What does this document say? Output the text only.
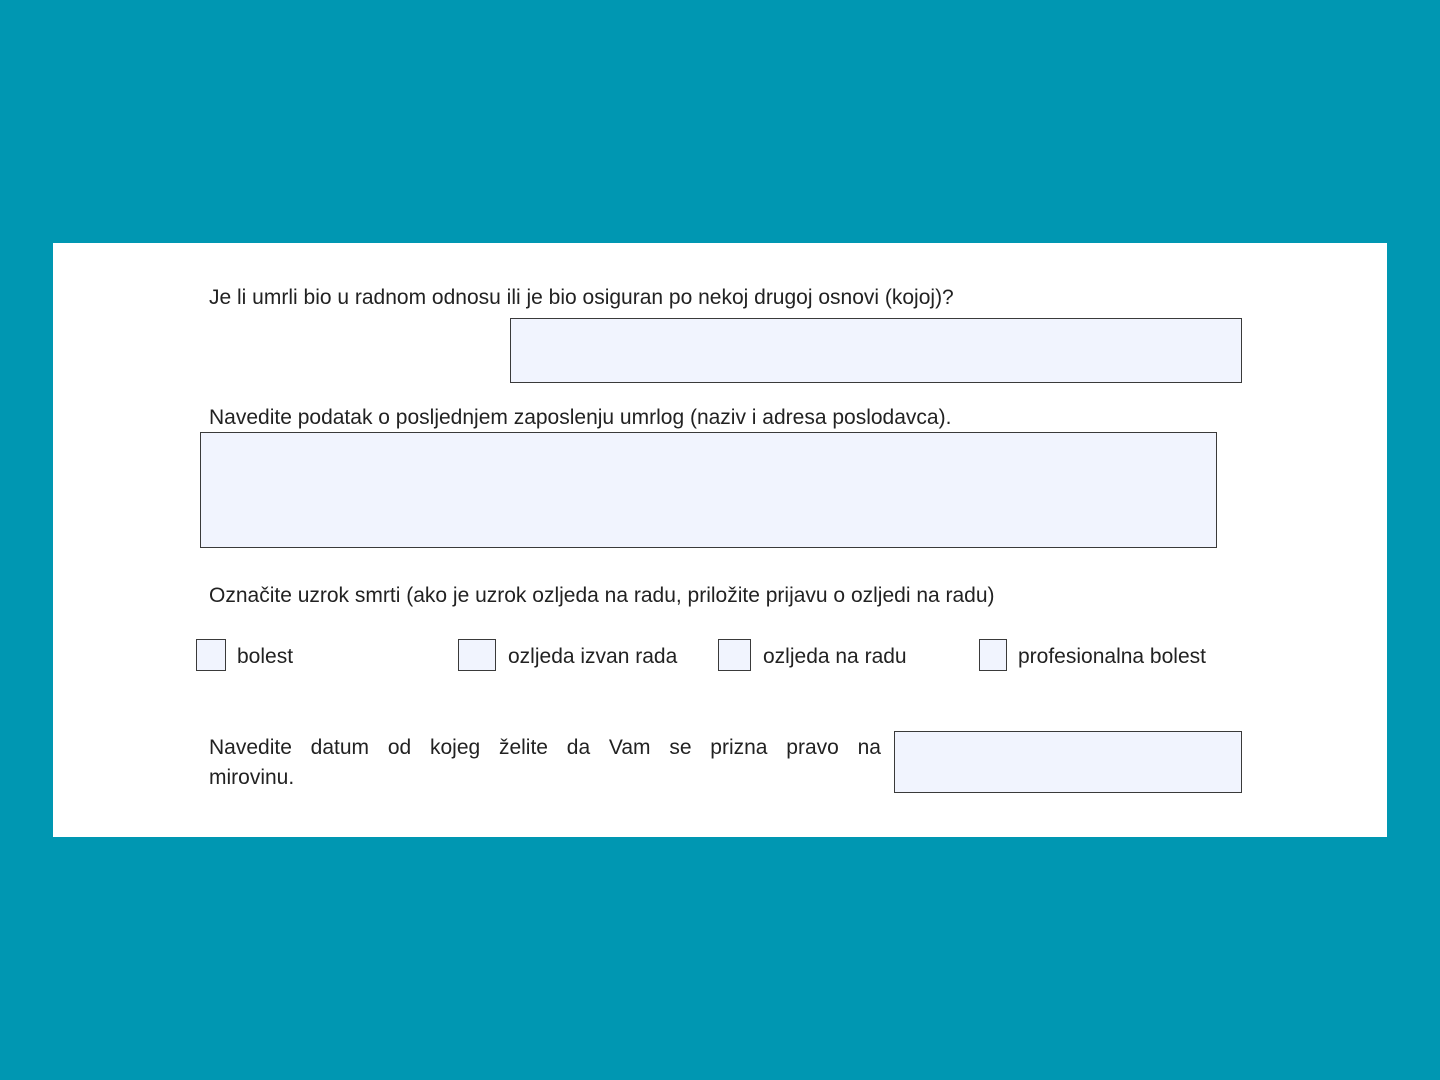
Je li umrli bio u radnom odnosu ili je bio osiguran po nekoj drugoj osnovi (kojoj)?
Navedite podatak o posljednjem zaposlenju umrlog (naziv i adresa poslodavca).
Označite uzrok smrti (ako je uzrok ozljeda na radu, priložite prijavu o ozljedi na radu)
bolest	ozljeda izvan rada	ozljeda na radu	profesionalna bolest
Navedite datum od kojeg želite da Vam se prizna pravo na
mirovinu.
